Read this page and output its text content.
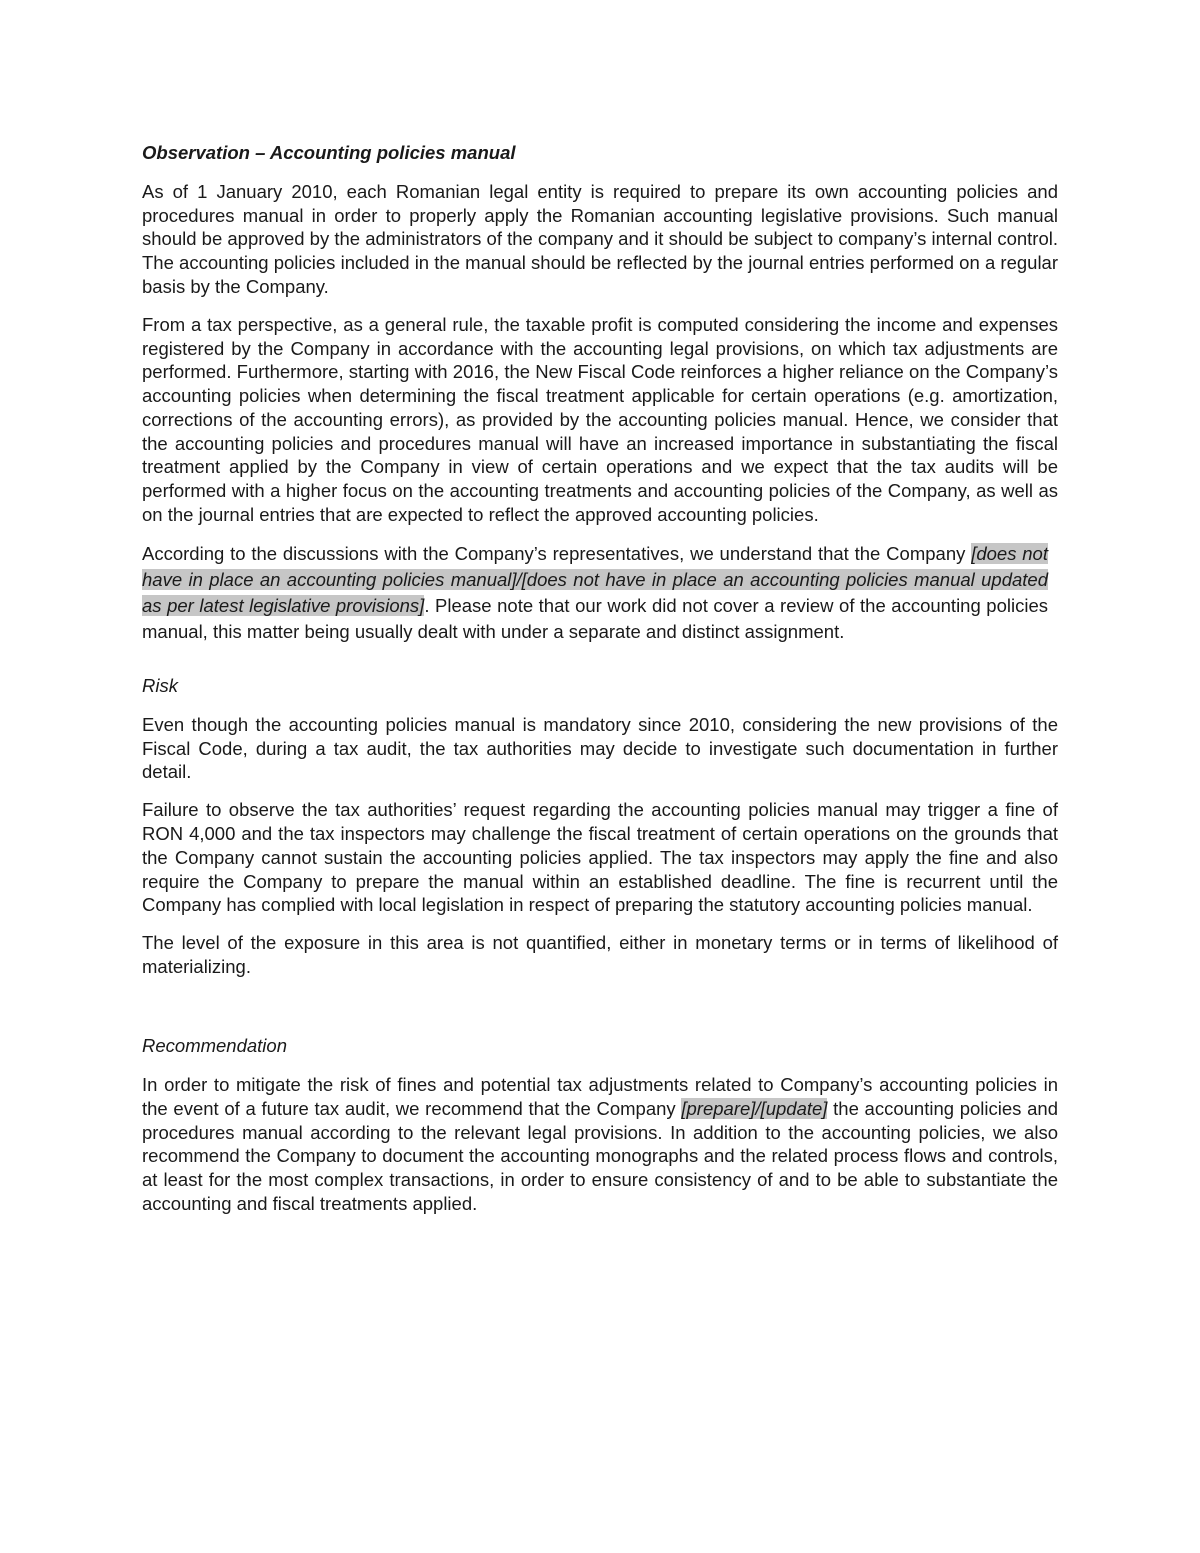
Observation – Accounting policies manual

As of 1 January 2010, each Romanian legal entity is required to prepare its own accounting policies and procedures manual in order to properly apply the Romanian accounting legislative provisions. Such manual should be approved by the administrators of the company and it should be subject to company’s internal control. The accounting policies included in the manual should be reflected by the journal entries performed on a regular basis by the Company.

From a tax perspective, as a general rule, the taxable profit is computed considering the income and expenses registered by the Company in accordance with the accounting legal provisions, on which tax adjustments are performed. Furthermore, starting with 2016, the New Fiscal Code reinforces a higher reliance on the Company’s accounting policies when determining the fiscal treatment applicable for certain operations (e.g. amortization, corrections of the accounting errors), as provided by the accounting policies manual. Hence, we consider that the accounting policies and procedures manual will have an increased importance in substantiating the fiscal treatment applied by the Company in view of certain operations and we expect that the tax audits will be performed with a higher focus on the accounting treatments and accounting policies of the Company, as well as on the journal entries that are expected to reflect the approved accounting policies.

According to the discussions with the Company’s representatives, we understand that the Company [does not have in place an accounting policies manual]/[does not have in place an accounting policies manual updated as per latest legislative provisions]. Please note that our work did not cover a review of the accounting policies manual, this matter being usually dealt with under a separate and distinct assignment.

Risk

Even though the accounting policies manual is mandatory since 2010, considering the new provisions of the Fiscal Code, during a tax audit, the tax authorities may decide to investigate such documentation in further detail.

Failure to observe the tax authorities’ request regarding the accounting policies manual may trigger a fine of RON 4,000 and the tax inspectors may challenge the fiscal treatment of certain operations on the grounds that the Company cannot sustain the accounting policies applied. The tax inspectors may apply the fine and also require the Company to prepare the manual within an established deadline. The fine is recurrent until the Company has complied with local legislation in respect of preparing the statutory accounting policies manual.

The level of the exposure in this area is not quantified, either in monetary terms or in terms of likelihood of materializing.

Recommendation

In order to mitigate the risk of fines and potential tax adjustments related to Company’s accounting policies in the event of a future tax audit, we recommend that the Company [prepare]/[update] the accounting policies and procedures manual according to the relevant legal provisions. In addition to the accounting policies, we also recommend the Company to document the accounting monographs and the related process flows and controls, at least for the most complex transactions, in order to ensure consistency of and to be able to substantiate the accounting and fiscal treatments applied.
